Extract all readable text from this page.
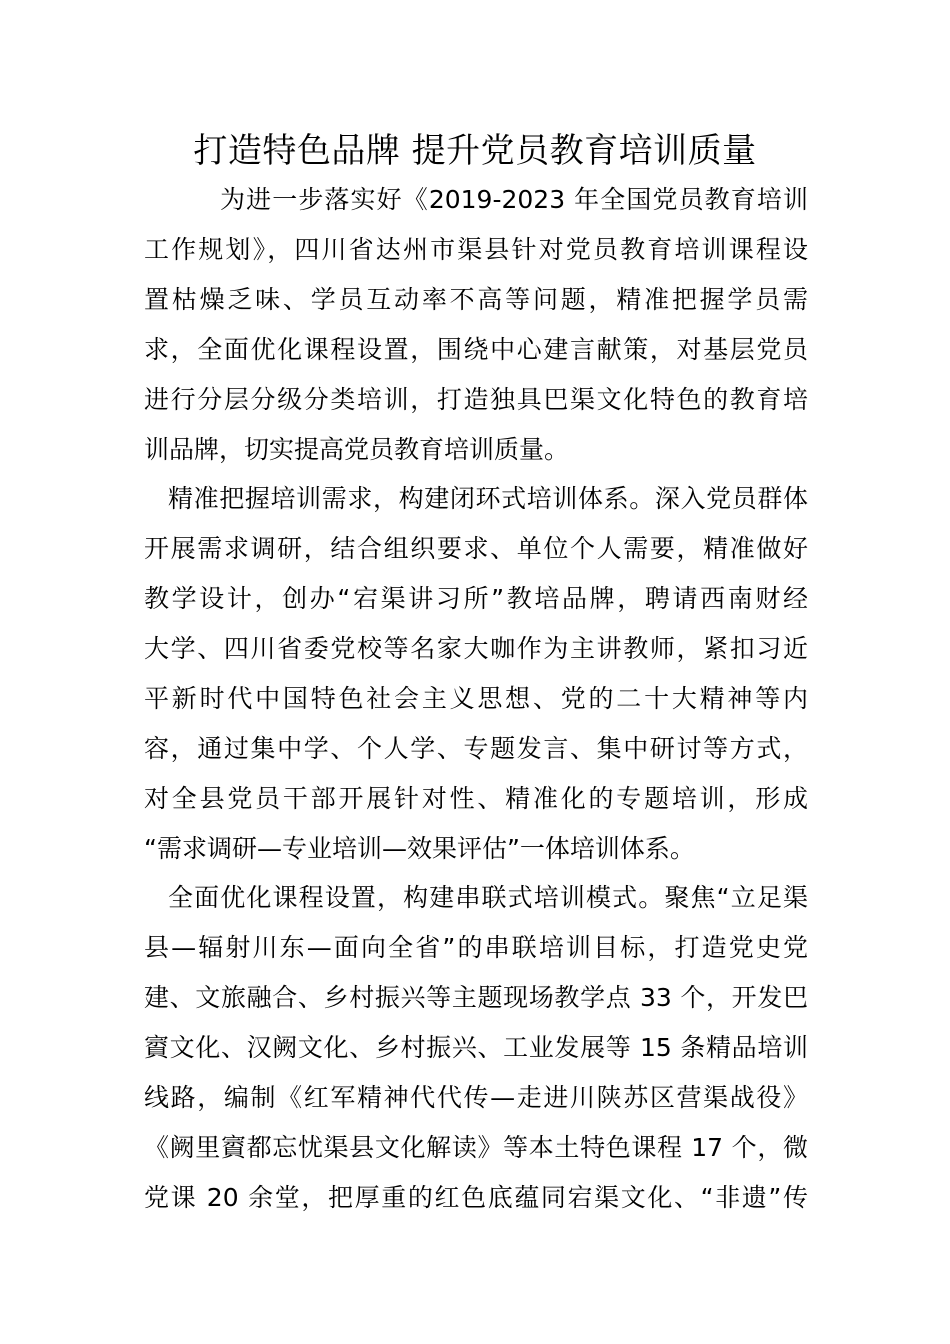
打造特色品牌 提升党员教育培训质量
为进一步落实好《2019-2023 年全国党员教育培训
工作规划》，四川省达州市渠县针对党员教育培训课程设
置枯燥乏味、学员互动率不高等问题，精准把握学员需
求，全面优化课程设置，围绕中心建言献策，对基层党员
进行分层分级分类培训，打造独具巴渠文化特色的教育培
训品牌，切实提高党员教育培训质量。
精准把握培训需求，构建闭环式培训体系。深入党员群体
开展需求调研，结合组织要求、单位个人需要，精准做好
教学设计，创办“宕渠讲习所”教培品牌，聘请西南财经
大学、四川省委党校等名家大咖作为主讲教师，紧扣习近
平新时代中国特色社会主义思想、党的二十大精神等内
容，通过集中学、个人学、专题发言、集中研讨等方式，
对全县党员干部开展针对性、精准化的专题培训，形成
“需求调研—专业培训—效果评估”一体培训体系。
全面优化课程设置，构建串联式培训模式。聚焦“立足渠
县—辐射川东—面向全省”的串联培训目标，打造党史党
建、文旅融合、乡村振兴等主题现场教学点 33 个，开发巴
賨文化、汉阙文化、乡村振兴、工业发展等 15 条精品培训
线路，编制《红军精神代代传—走进川陕苏区营渠战役》
《阙里賨都忘忧渠县文化解读》等本土特色课程 17 个，微
党课 20 余堂，把厚重的红色底蕴同宕渠文化、“非遗”传
